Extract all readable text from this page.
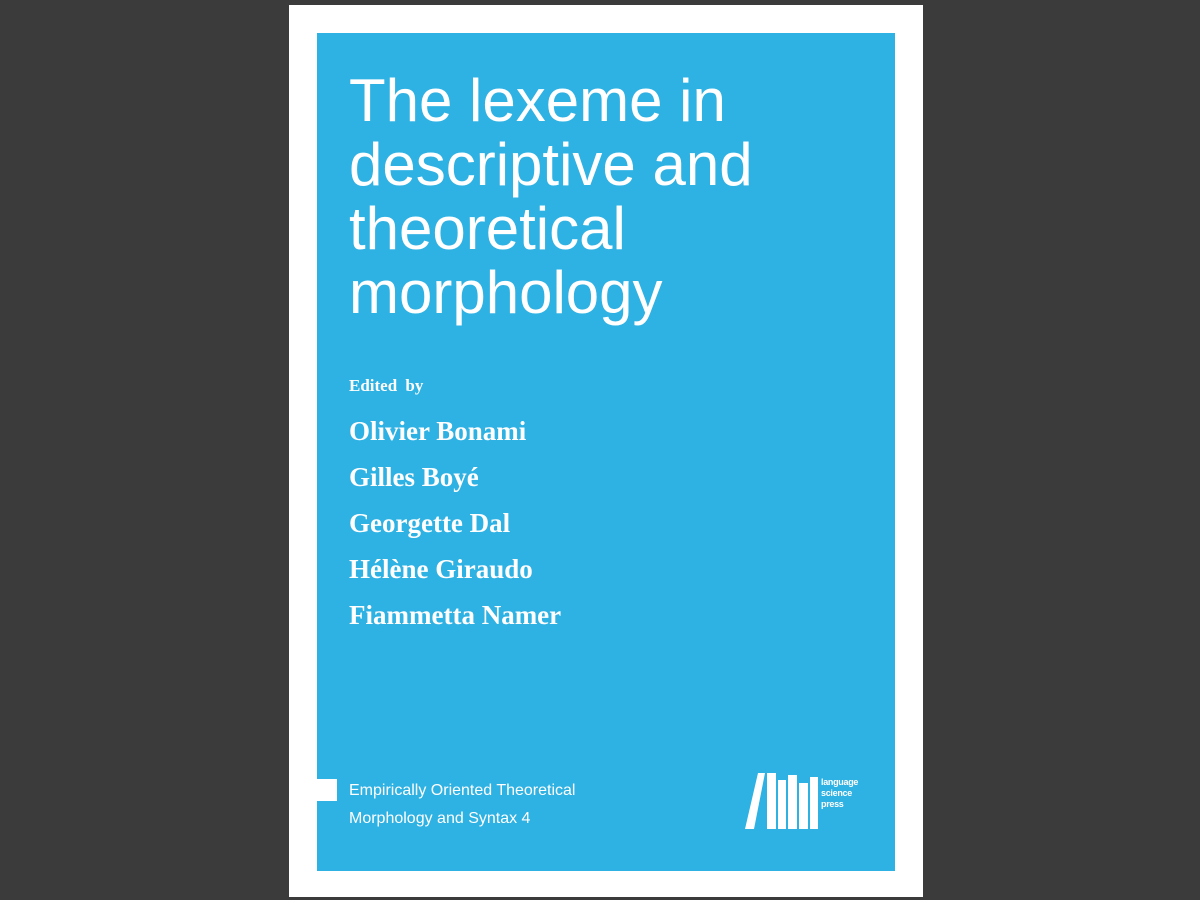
The lexeme in
descriptive and
theoretical
morphology
Edited by
Olivier Bonami
Gilles Boyé
Georgette Dal
Hélène Giraudo
Fiammetta Namer
Empirically Oriented Theoretical
Morphology and Syntax 4
language
science
press
